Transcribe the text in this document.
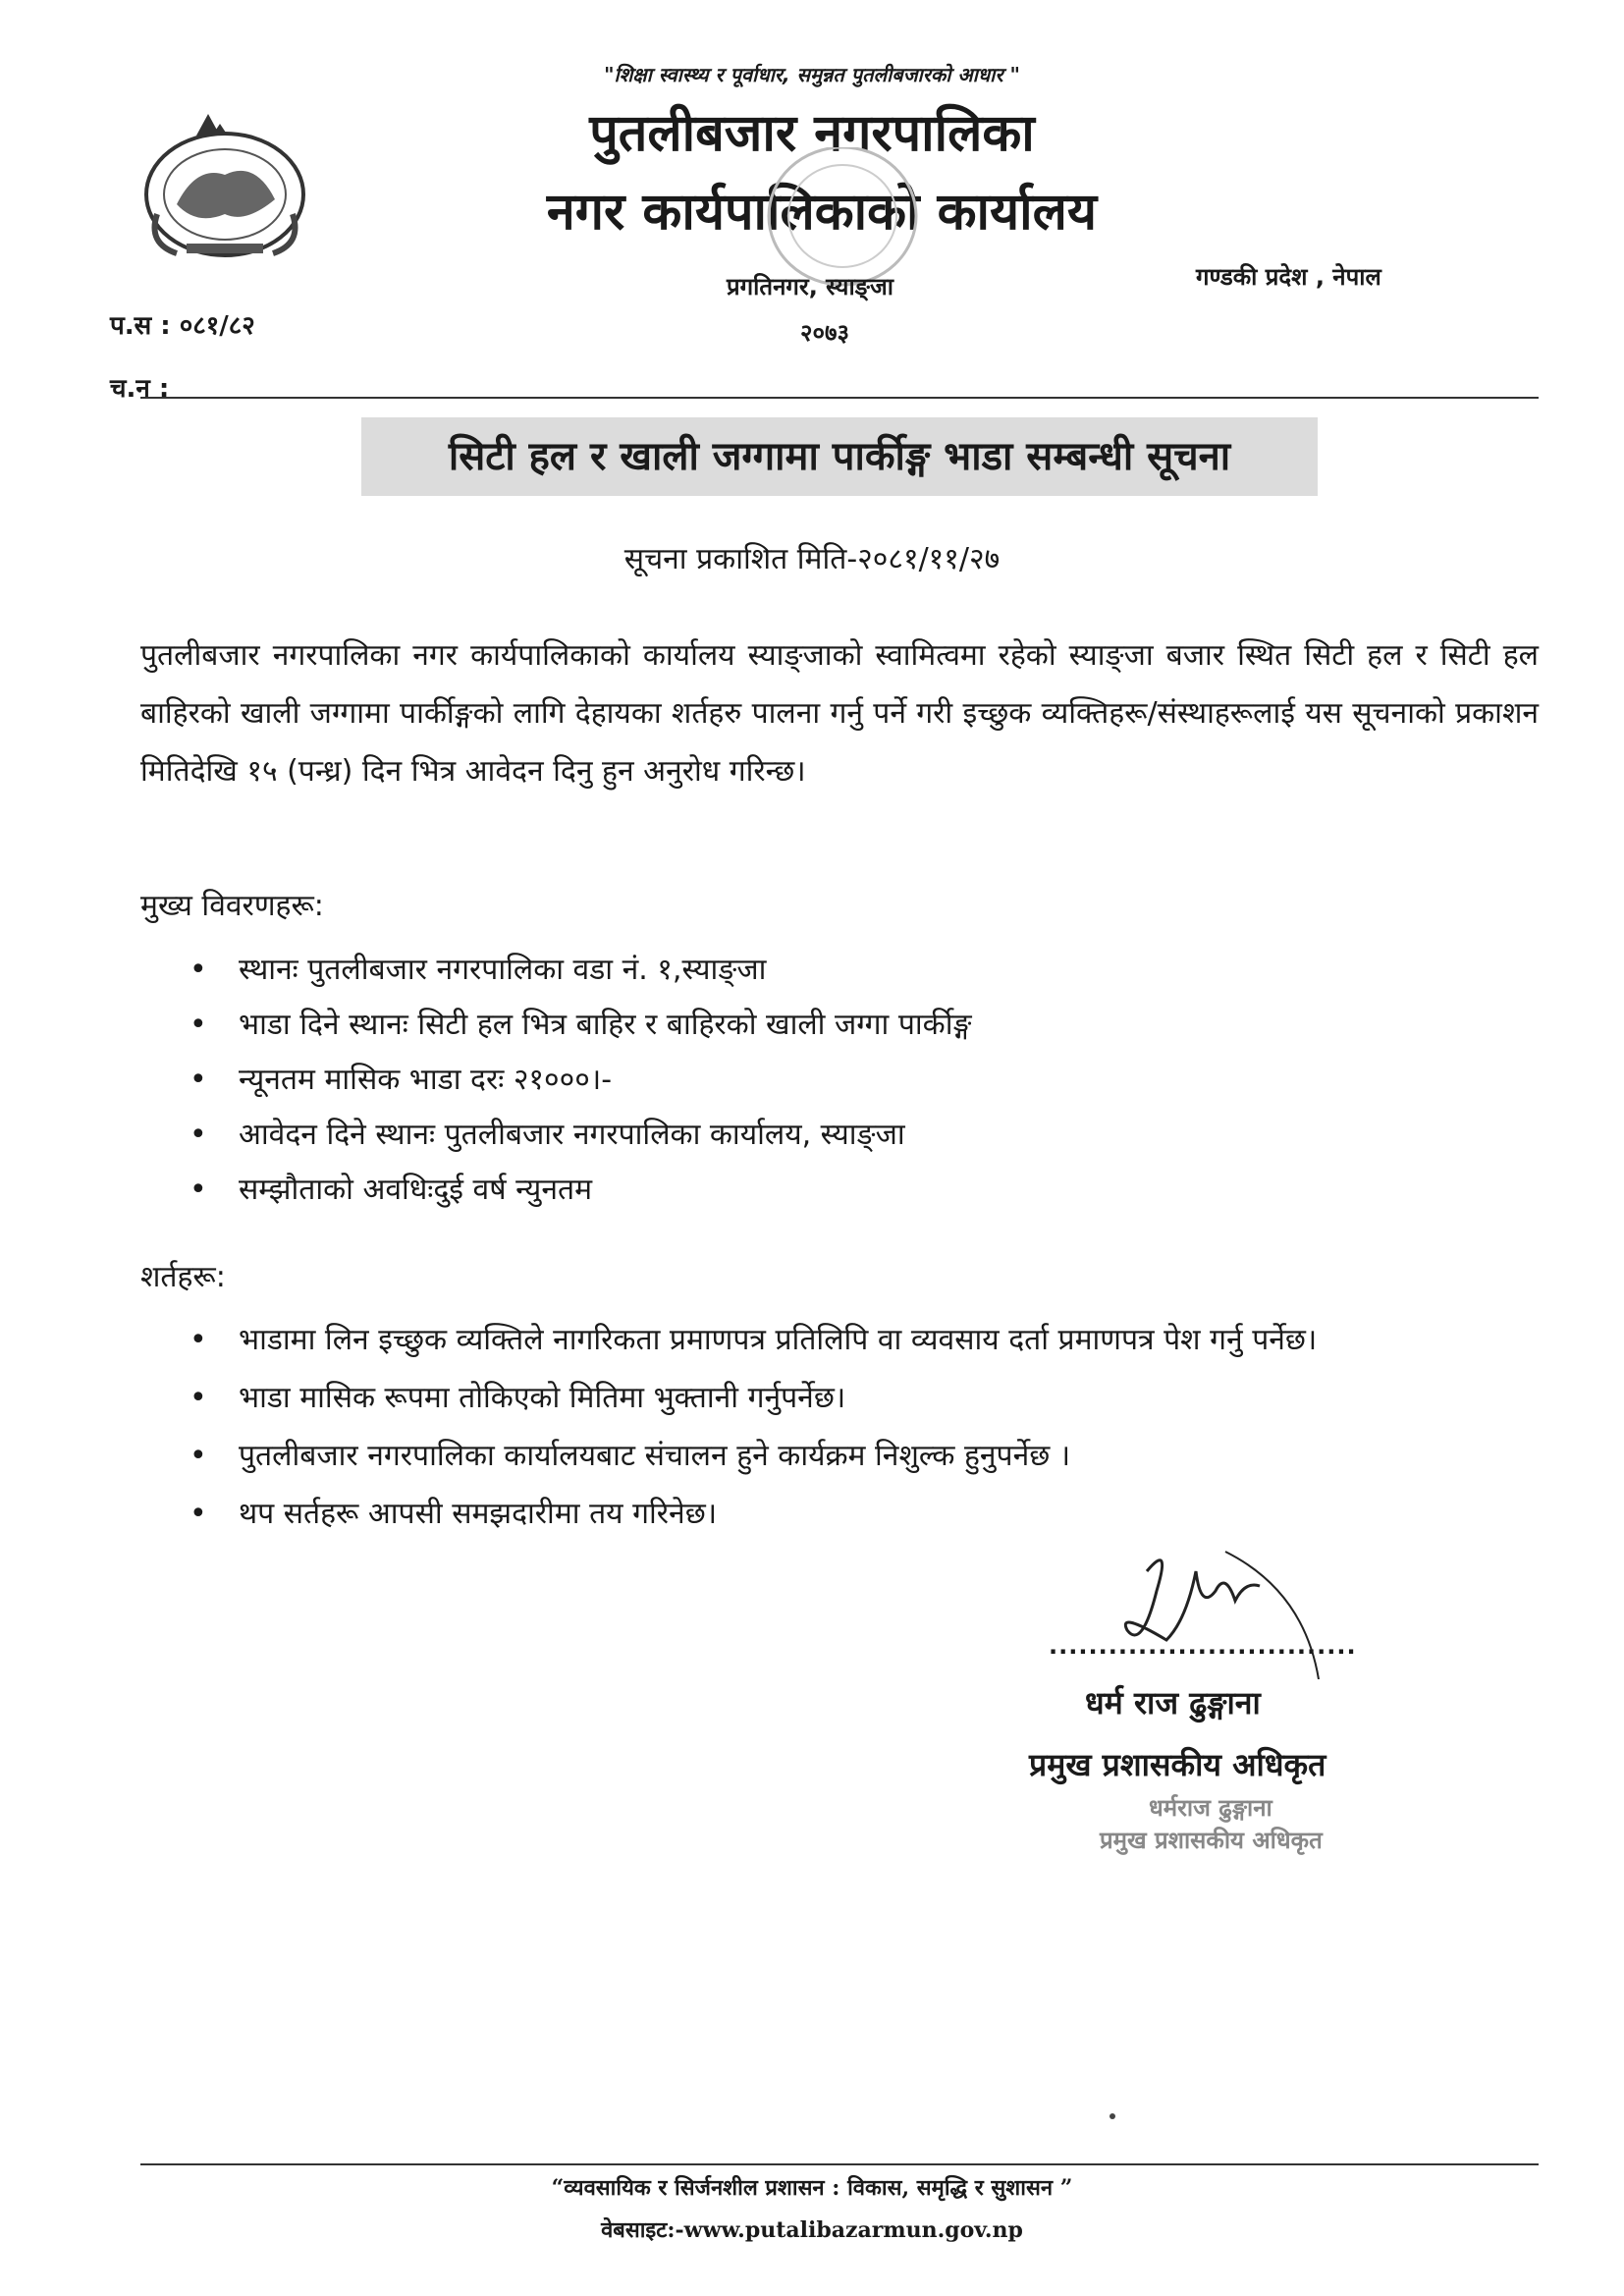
"शिक्षा स्वास्थ्य र पूर्वाधार, समुन्नत पुतलीबजारको आधार "
पुतलीबजार नगरपालिका
नगर कार्यपालिकाको कार्यालय
प्रगतिनगर, स्याङ्जा
२०७३
गण्डकी प्रदेश , नेपाल
प.स : ०८१/८२
च.न :
सिटी हल र खाली जग्गामा पार्कीङ्ग भाडा सम्बन्धी सूचना
सूचना प्रकाशित मिति-२०८१/११/२७
पुतलीबजार नगरपालिका नगर कार्यपालिकाको कार्यालय स्याङ्जाको स्वामित्वमा रहेको स्याङ्जा बजार स्थित सिटी हल र सिटी हल बाहिरको खाली जग्गामा पार्कीङ्गको लागि देहायका शर्तहरु पालना गर्नु पर्ने गरी इच्छुक व्यक्तिहरू/संस्थाहरूलाई यस सूचनाको प्रकाशन मितिदेखि १५ (पन्ध्र) दिन भित्र आवेदन दिनु हुन अनुरोध गरिन्छ।
मुख्य विवरणहरू:
• स्थानः पुतलीबजार नगरपालिका वडा नं. १,स्याङ्जा
• भाडा दिने स्थानः सिटी हल भित्र बाहिर र बाहिरको खाली जग्गा पार्कीङ्ग
• न्यूनतम मासिक भाडा दरः २१०००।-
• आवेदन दिने स्थानः पुतलीबजार नगरपालिका कार्यालय, स्याङ्जा
• सम्झौताको अवधिःदुई वर्ष न्युनतम
शर्तहरू:
• भाडामा लिन इच्छुक व्यक्तिले नागरिकता प्रमाणपत्र प्रतिलिपि वा व्यवसाय दर्ता प्रमाणपत्र पेश गर्नु पर्नेछ।
• भाडा मासिक रूपमा तोकिएको मितिमा भुक्तानी गर्नुपर्नेछ।
• पुतलीबजार नगरपालिका कार्यालयबाट संचालन हुने कार्यक्रम निशुल्क हुनुपर्नेछ ।
• थप सर्तहरू आपसी समझदारीमा तय गरिनेछ।
...............................
धर्म राज ढुङ्गाना
प्रमुख प्रशासकीय अधिकृत
धर्मराज ढुङ्गाना
प्रमुख प्रशासकीय अधिकृत
“व्यवसायिक र सिर्जनशील प्रशासन : विकास, समृद्धि र सुशासन ”
वेबसाइट:-www.putalibazarmun.gov.np
